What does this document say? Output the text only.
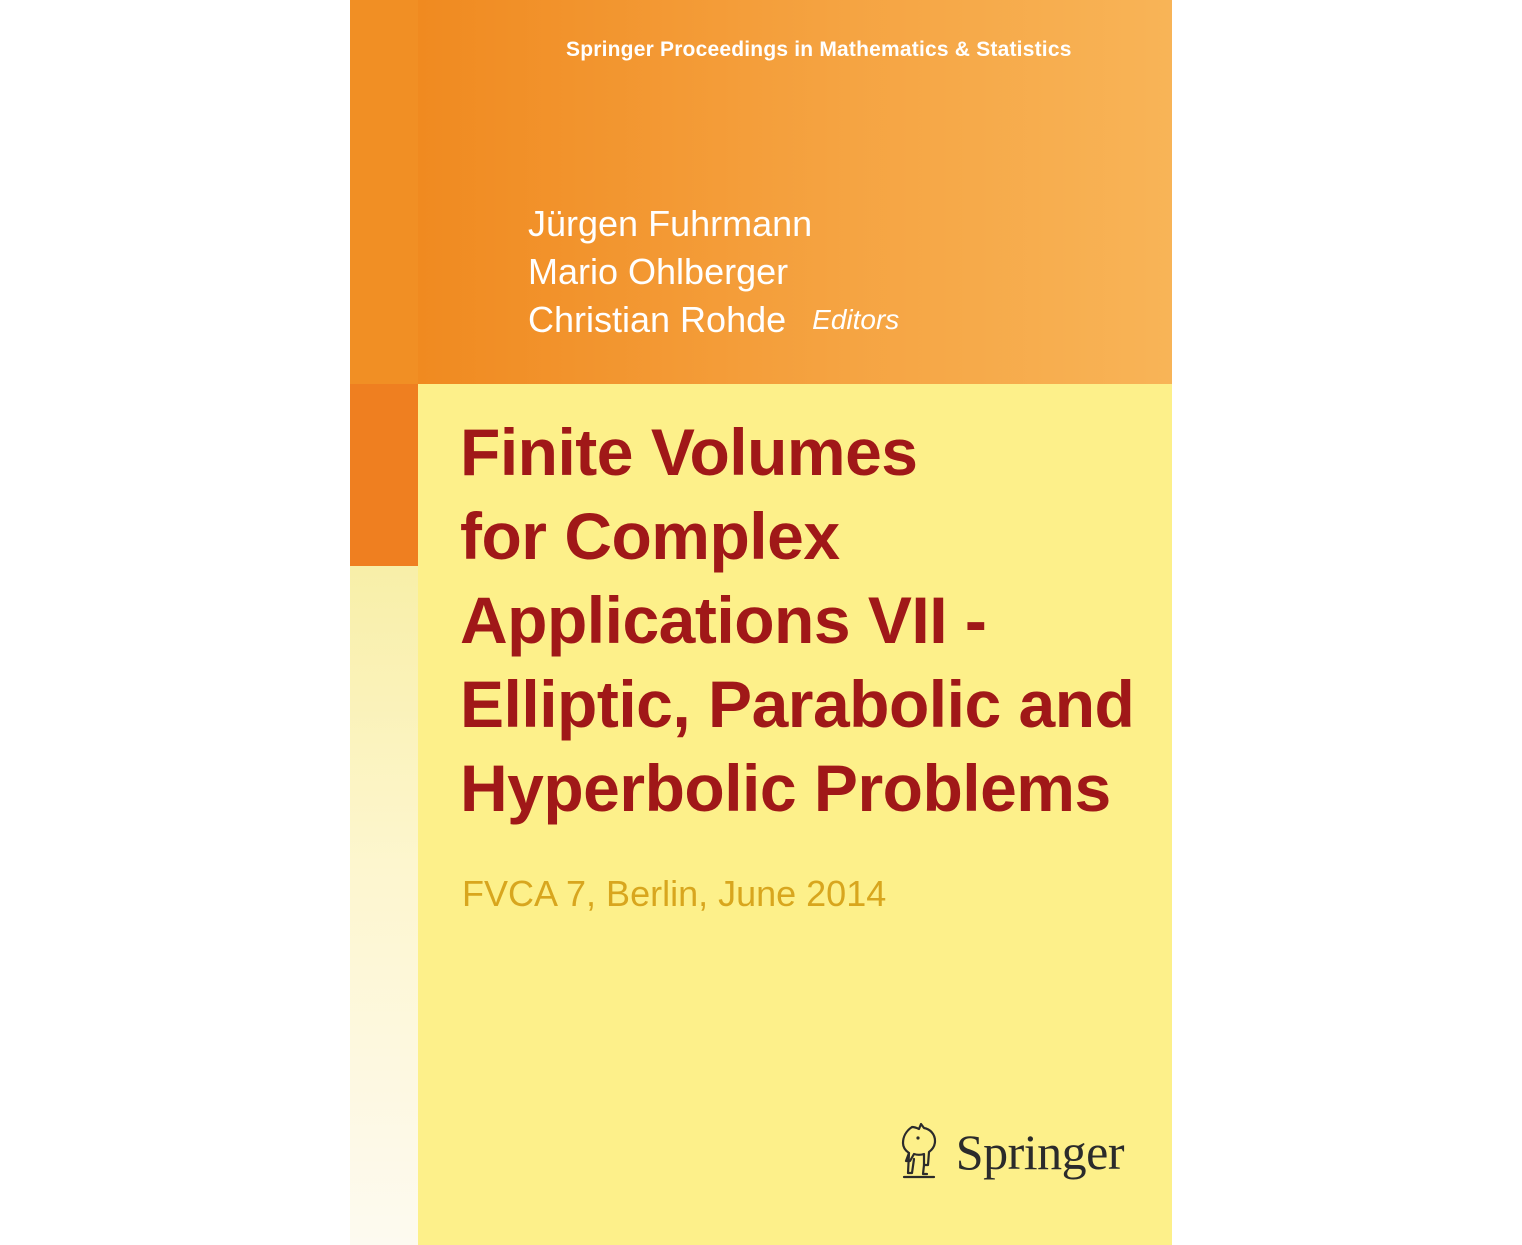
Springer Proceedings in Mathematics & Statistics
Jürgen Fuhrmann
Mario Ohlberger
Christian Rohde Editors
Finite Volumes
for Complex
Applications VII -
Elliptic, Parabolic and
Hyperbolic Problems
FVCA 7, Berlin, June 2014
Springer
